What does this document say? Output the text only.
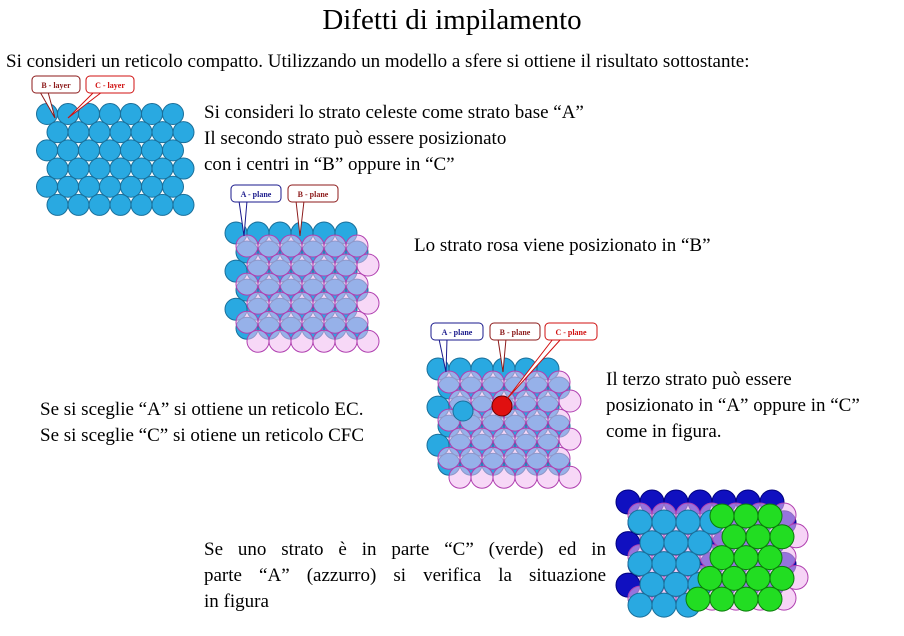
Difetti di impilamento
Si consideri un reticolo compatto. Utilizzando un modello a sfere si ottiene il risultato sottostante:
Si consideri lo strato celeste come strato base “A”
Il secondo strato può essere posizionato
con i centri in “B” oppure in “C”
Lo strato rosa viene posizionato in “B”
Il terzo strato può essere
posizionato in “A” oppure in “C”
come in figura.
Se si sceglie “A” si ottiene un reticolo EC.
Se si sceglie “C” si otiene un reticolo CFC
Se uno strato è in parte “C” (verde) ed in
parte “A” (azzurro) si verifica la situazione
in figura
B - layer	C - layer
A - plane	B - plane
A - plane	B - plane	C - plane
